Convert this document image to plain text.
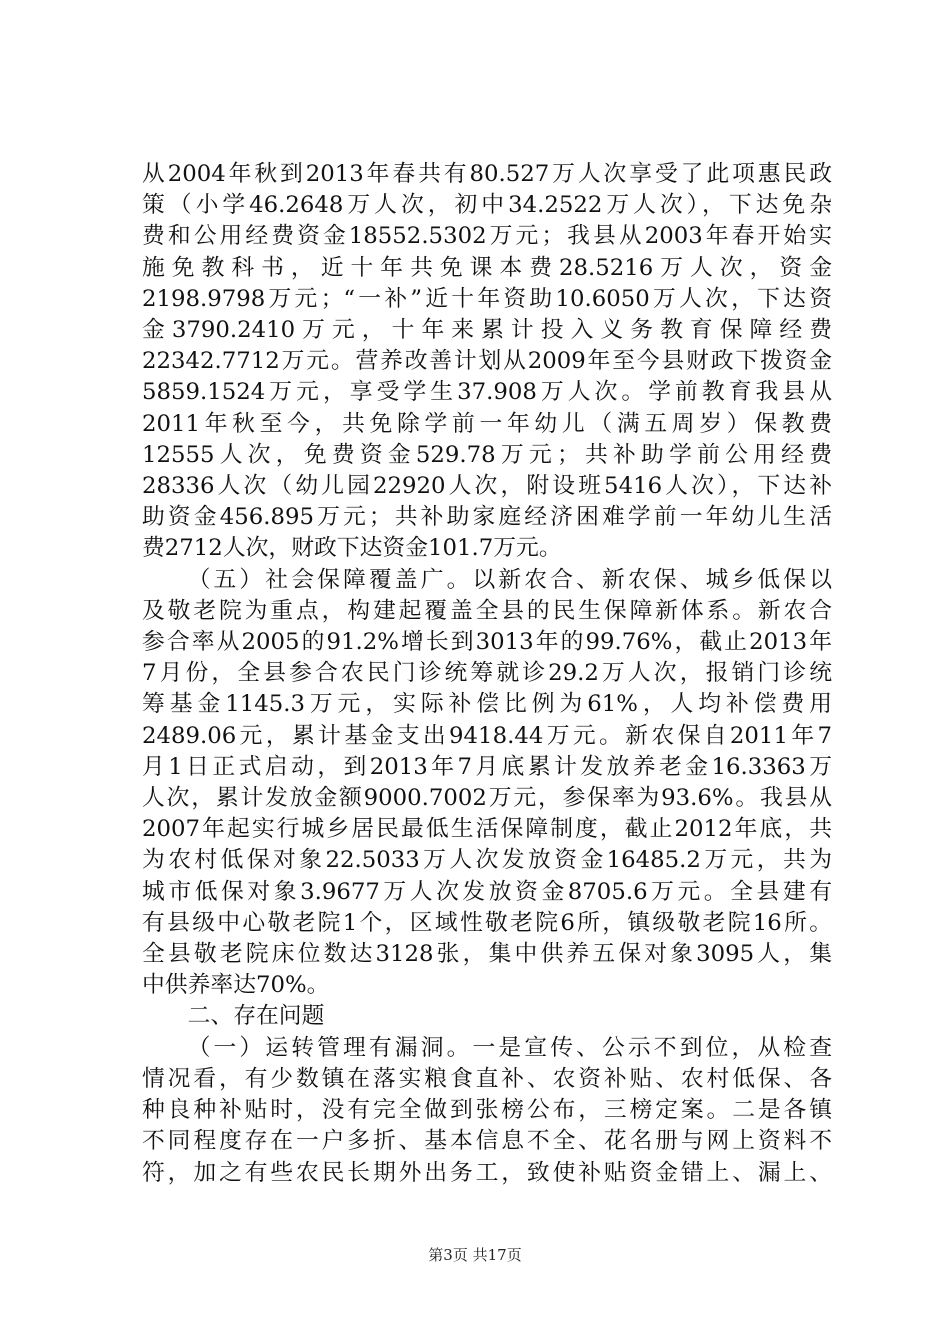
从2004年秋到2013年春共有80.527万人次享受了此项惠民政

策（小学46.2648万人次，初中34.2522万人次），下达免杂

费和公用经费资金18552.5302万元；我县从2003年春开始实

施免教科书，近十年共免课本费28.5216万人次，资金

2198.9798万元；“一补”近十年资助10.6050万人次，下达资

金3790.2410万元，十年来累计投入义务教育保障经费

22342.7712万元。营养改善计划从2009年至今县财政下拨资金

5859.1524万元，享受学生37.908万人次。学前教育我县从

2011年秋至今，共免除学前一年幼儿（满五周岁）保教费

12555人次，免费资金529.78万元；共补助学前公用经费

28336人次（幼儿园22920人次，附设班5416人次），下达补

助资金456.895万元；共补助家庭经济困难学前一年幼儿生活

费2712人次，财政下达资金101.7万元。

（五）社会保障覆盖广。以新农合、新农保、城乡低保以

及敬老院为重点，构建起覆盖全县的民生保障新体系。新农合

参合率从2005的91.2%增长到3013年的99.76%，截止2013年

7月份，全县参合农民门诊统筹就诊29.2万人次，报销门诊统

筹基金1145.3万元，实际补偿比例为61%，人均补偿费用

2489.06元，累计基金支出9418.44万元。新农保自2011年7

月1日正式启动，到2013年7月底累计发放养老金16.3363万

人次，累计发放金额9000.7002万元，参保率为93.6%。我县从

2007年起实行城乡居民最低生活保障制度，截止2012年底，共

为农村低保对象22.5033万人次发放资金16485.2万元，共为

城市低保对象3.9677万人次发放资金8705.6万元。全县建有

有县级中心敬老院1个，区域性敬老院6所，镇级敬老院16所。

全县敬老院床位数达3128张，集中供养五保对象3095人，集

中供养率达70%。

二、存在问题

（一）运转管理有漏洞。一是宣传、公示不到位，从检查

情况看，有少数镇在落实粮食直补、农资补贴、农村低保、各

种良种补贴时，没有完全做到张榜公布，三榜定案。二是各镇

不同程度存在一户多折、基本信息不全、花名册与网上资料不

符，加之有些农民长期外出务工，致使补贴资金错上、漏上、

第3页 共17页
